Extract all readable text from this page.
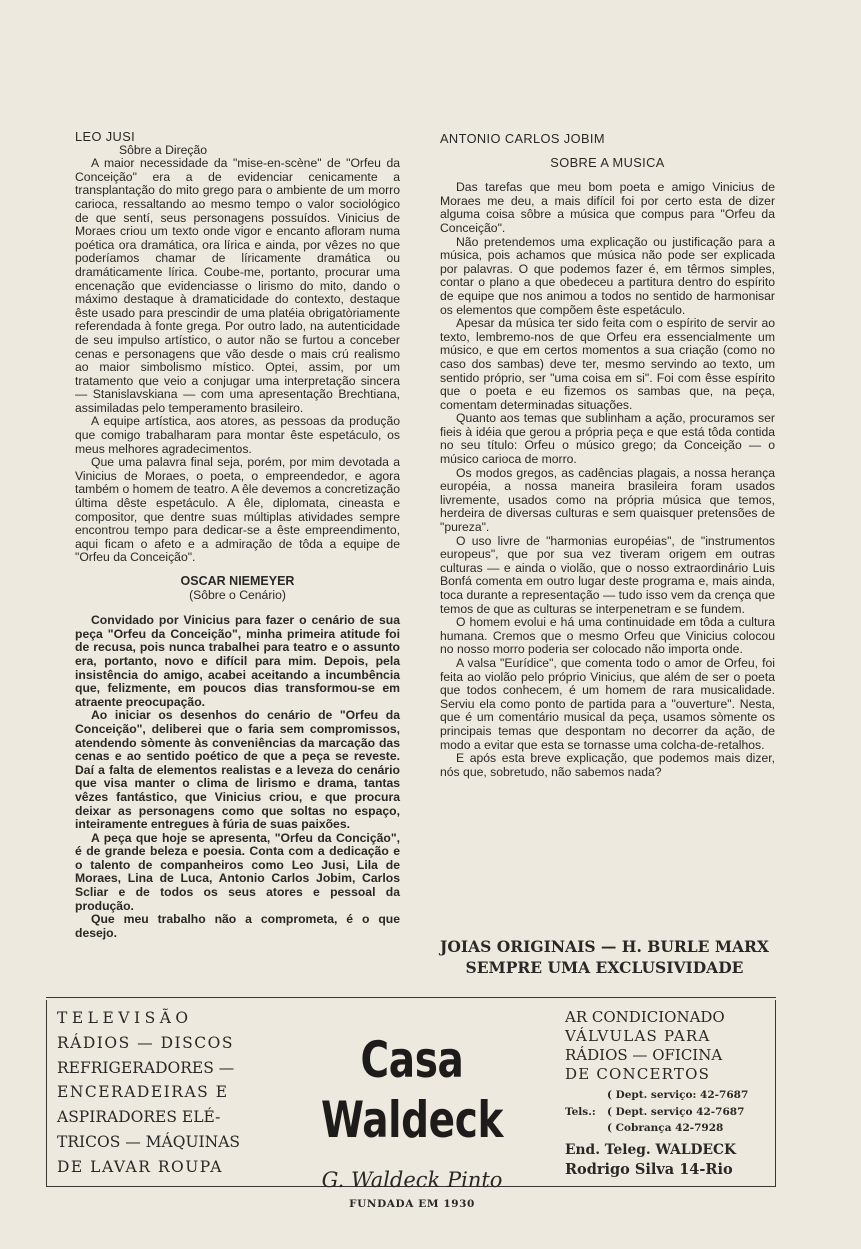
LEO JUSI

Sôbre a Direção

A maior necessidade da "mise-en-scène" de "Orfeu da Conceição" era a de evidenciar cenicamente a transplantação do mito grego para o ambiente de um morro carioca, ressaltando ao mesmo tempo o valor sociológico de que sentí, seus personagens possuídos. Vinicius de Moraes criou um texto onde vigor e encanto afloram numa poética ora dramática, ora lírica e ainda, por vêzes no que poderíamos chamar de líricamente dramática ou dramáticamente lírica. Coube-me, portanto, procurar uma encenação que evidenciasse o lirismo do mito, dando o máximo destaque à dramaticidade do contexto, destaque êste usado para prescindir de uma platéia obrigatòriamente referendada à fonte grega. Por outro lado, na autenticidade de seu impulso artístico, o autor não se furtou a conceber cenas e personagens que vão desde o mais crú realismo ao maior simbolismo místico. Optei, assim, por um tratamento que veio a conjugar uma interpretação sincera — Stanislavskiana — com uma apresentação Brechtiana, assimiladas pelo temperamento brasileiro.

A equipe artística, aos atores, as pessoas da produção que comigo trabalharam para montar êste espetáculo, os meus melhores agradecimentos.

Que uma palavra final seja, porém, por mim devotada a Vinicius de Moraes, o poeta, o empreendedor, e agora também o homem de teatro. A êle devemos a concretização última dêste espetáculo. A êle, diplomata, cineasta e compositor, que dentre suas múltiplas atividades sempre encontrou tempo para dedicar-se a êste empreendimento, aqui ficam o afeto e a admiração de tôda a equipe de "Orfeu da Conceição".

OSCAR NIEMEYER
(Sôbre o Cenário)

Convidado por Vinicius para fazer o cenário de sua peça "Orfeu da Conceição", minha primeira atitude foi de recusa, pois nunca trabalhei para teatro e o assunto era, portanto, novo e difícil para mim. Depois, pela insistência do amigo, acabei aceitando a incumbência que, felizmente, em poucos dias transformou-se em atraente preocupação.

Ao iniciar os desenhos do cenário de "Orfeu da Conceição", deliberei que o faria sem compromissos, atendendo sòmente às conveniências da marcação das cenas e ao sentido poético de que a peça se reveste. Daí a falta de elementos realistas e a leveza do cenário que visa manter o clima de lirismo e drama, tantas vêzes fantástico, que Vinicius criou, e que procura deixar as personagens como que soltas no espaço, inteiramente entregues à fúria de suas paixões.

A peça que hoje se apresenta, "Orfeu da Concição", é de grande beleza e poesia. Conta com a dedicação e o talento de companheiros como Leo Jusi, Lila de Moraes, Lina de Luca, Antonio Carlos Jobim, Carlos Scliar e de todos os seus atores e pessoal da produção.

Que meu trabalho não a comprometa, é o que desejo.

ANTONIO CARLOS JOBIM
SOBRE A MUSICA

Das tarefas que meu bom poeta e amigo Vinicius de Moraes me deu, a mais difícil foi por certo esta de dizer alguma coisa sôbre a música que compus para "Orfeu da Conceição".

Não pretendemos uma explicação ou justificação para a música, pois achamos que música não pode ser explicada por palavras. O que podemos fazer é, em têrmos simples, contar o plano a que obedeceu a partitura dentro do espírito de equipe que nos animou a todos no sentido de harmonisar os elementos que compõem êste espetáculo.

Apesar da música ter sido feita com o espírito de servir ao texto, lembremo-nos de que Orfeu era essencialmente um músico, e que em certos momentos a sua criação (como no caso dos sambas) deve ter, mesmo servindo ao texto, um sentido próprio, ser "uma coisa em si". Foi com êsse espírito que o poeta e eu fizemos os sambas que, na peça, comentam determinadas situações.

Quanto aos temas que sublinham a ação, procuramos ser fieis à idéia que gerou a própria peça e que está tôda contida no seu título: Orfeu o músico grego; da Conceição — o músico carioca de morro.

Os modos gregos, as cadências plagais, a nossa herança européia, a nossa maneira brasileira foram usados livremente, usados como na própria música que temos, herdeira de diversas culturas e sem quaisquer pretensões de "pureza".

O uso livre de "harmonias européias", de "instrumentos europeus", que por sua vez tiveram origem em outras culturas — e ainda o violão, que o nosso extraordinário Luis Bonfá comenta em outro lugar deste programa e, mais ainda, toca durante a representação — tudo isso vem da crença que temos de que as culturas se interpenetram e se fundem.

O homem evolui e há uma continuidade em tôda a cultura humana. Cremos que o mesmo Orfeu que Vinicius colocou no nosso morro poderia ser colocado não importa onde.

A valsa "Eurídice", que comenta todo o amor de Orfeu, foi feita ao violão pelo próprio Vinicius, que além de ser o poeta que todos conhecem, é um homem de rara musicalidade. Serviu ela como ponto de partida para a "ouverture". Nesta, que é um comentário musical da peça, usamos sòmente os principais temas que despontam no decorrer da ação, de modo a evitar que esta se tornasse uma colcha-de-retalhos.

E após esta breve explicação, que podemos mais dizer, nós que, sobretudo, não sabemos nada?

JOIAS ORIGINAIS — H. BURLE MARX
SEMPRE UMA EXCLUSIVIDADE
TELEVISÃO
RÁDIOS — DISCOS
REFRIGERADORES —
ENCERADEIRAS E
ASPIRADORES ELÉ-
TRICOS — MÁQUINAS
DE LAVAR ROUPA
Casa Waldeck
G. Waldeck Pinto
FUNDADA EM 1930
AR CONDICIONADO
VÁLVULAS PARA
RÁDIOS — OFICINA
DE CONCERTOS
( Dept. serviço: 42-7687
Tels.:	( Dept. serviço 42-7687
( Cobrança 42-7928
End. Teleg. WALDECK
Rodrigo Silva 14-Rio
